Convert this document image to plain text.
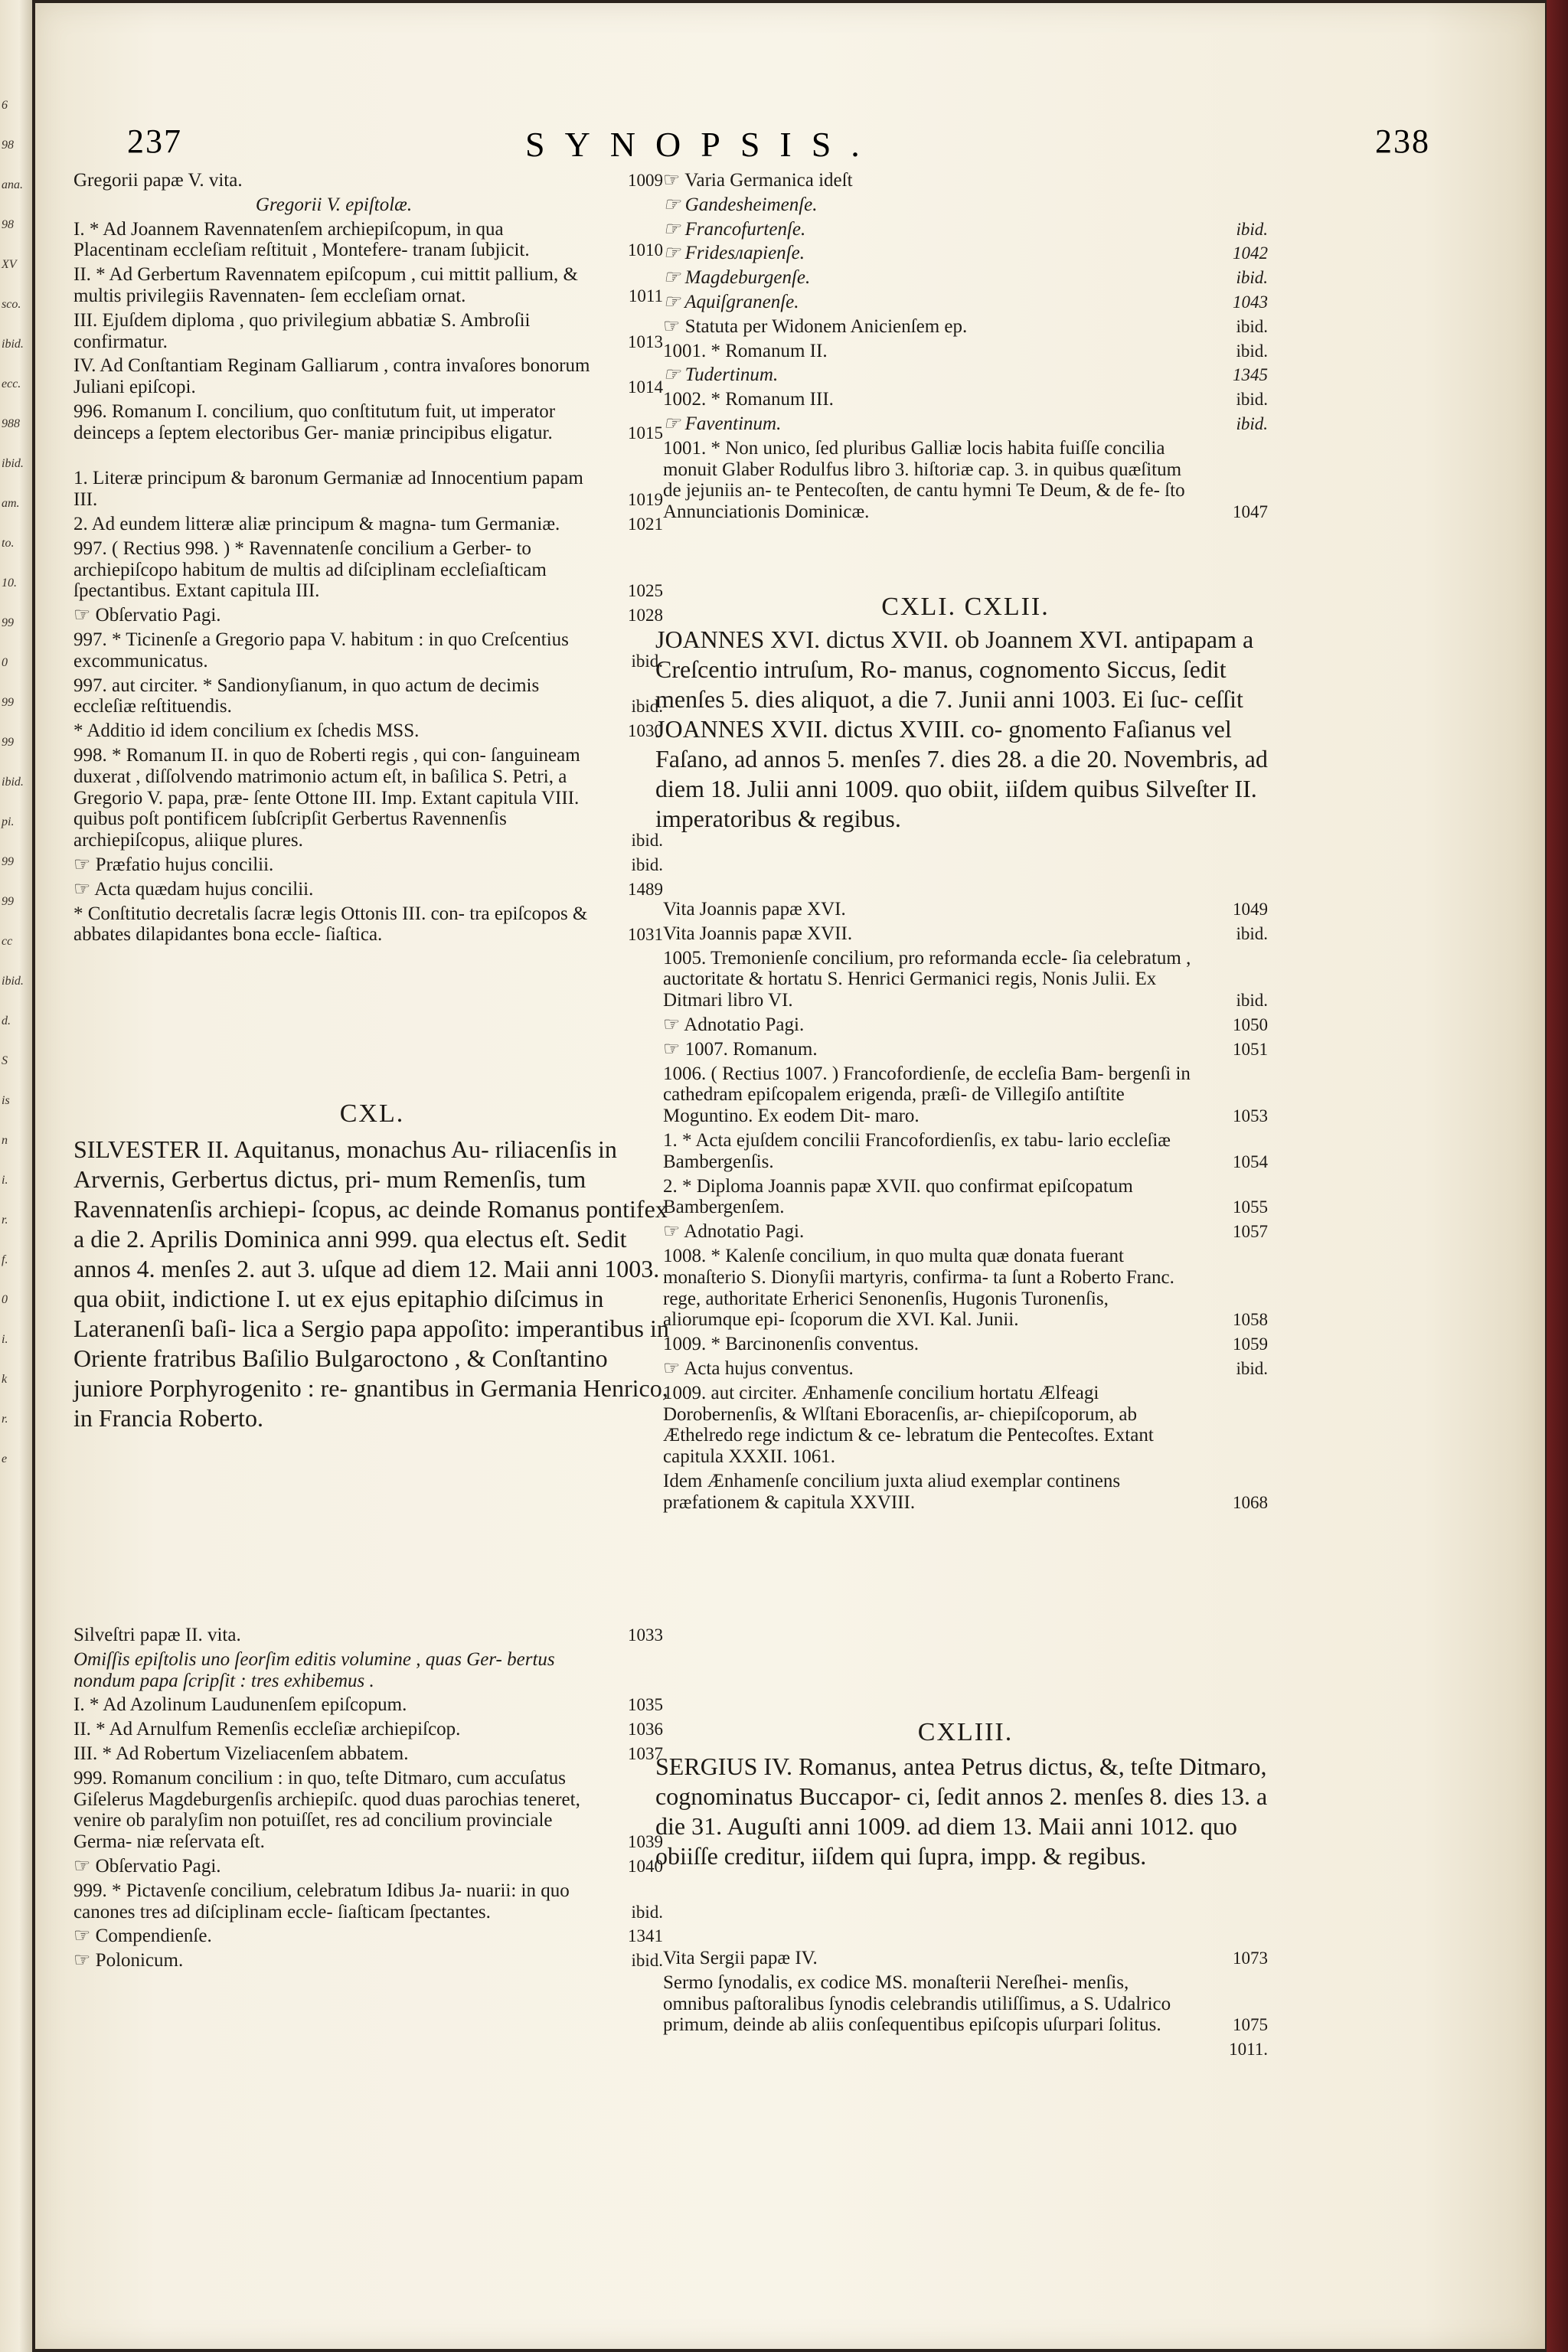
6
98
ana.
98
XV
sco.
ibid.
ecc.
988
ibid.
am.
to.
10.
99
0
99
99
ibid.
pi.
99
99
cc
ibid.
d.
S
is
n
i.
r.
f.
0
i.
k
r.
e
237	SYNOPSIS.	238
Gregorii papæ V. vita.	1009
Gregorii V. epiſtolæ.
I. * Ad Joannem Ravennatenſem archiepiſcopum, in qua Placentinam eccleſiam reſtituit , Montefere- tranam ſubjicit.	1010
II. * Ad Gerbertum Ravennatem epiſcopum , cui mittit pallium, & multis privilegiis Ravennaten- ſem eccleſiam ornat.	1011
III. Ejuſdem diploma , quo privilegium abbatiæ S. Ambroſii confirmatur.	1013
IV. Ad Conſtantiam Reginam Galliarum , contra invaſores bonorum Juliani epiſcopi.	1014
996. Romanum I. concilium, quo conſtitutum fuit, ut imperator deinceps a ſeptem electoribus Ger- maniæ principibus eligatur.	1015
1. Literæ principum & baronum Germaniæ ad Innocentium papam III.	1019
2. Ad eundem litteræ aliæ principum & magna- tum Germaniæ.	1021
997. ( Rectius 998. ) * Ravennatenſe concilium a Gerber- to archiepiſcopo habitum de multis ad diſciplinam eccleſiaſticam ſpectantibus. Extant capitula III.	1025
☞ Obſervatio Pagi.	1028
997. * Ticinenſe a Gregorio papa V. habitum : in quo Creſcentius excommunicatus.	ibid.
997. aut circiter. * Sandionyſianum, in quo actum de decimis eccleſiæ reſtituendis.	ibid.
* Additio id idem concilium ex ſchedis MSS.	1030
998. * Romanum II. in quo de Roberti regis , qui con- ſanguineam duxerat , diſſolvendo matrimonio actum eſt, in baſilica S. Petri, a Gregorio V. papa, præ- ſente Ottone III. Imp. Extant capitula VIII. quibus poſt pontificem ſubſcripſit Gerbertus Ravennenſis archiepiſcopus, aliique plures.	ibid.
☞ Præfatio hujus concilii.	ibid.
☞ Acta quædam hujus concilii.	1489
* Conſtitutio decretalis ſacræ legis Ottonis III. con- tra epiſcopos & abbates dilapidantes bona eccle- ſiaſtica.	1031
CXL.
SILVESTER II. Aquitanus, monachus Au- riliacenſis in Arvernis, Gerbertus dictus, pri- mum Remenſis, tum Ravennatenſis archiepi- ſcopus, ac deinde Romanus pontifex a die 2. Aprilis Dominica anni 999. qua electus eſt. Sedit annos 4. menſes 2. aut 3. uſque ad diem 12. Maii anni 1003. qua obiit, indictione I. ut ex ejus epitaphio diſcimus in Lateranenſi baſi- lica a Sergio papa appoſito: imperantibus in Oriente fratribus Baſilio Bulgaroctono , & Conſtantino juniore Porphyrogenito : re- gnantibus in Germania Henrico, in Francia Roberto.
Silveſtri papæ II. vita.	1033
Omiſſis epiſtolis uno ſeorſim editis volumine , quas Ger- bertus nondum papa ſcripſit : tres exhibemus .
I. * Ad Azolinum Laudunenſem epiſcopum.	1035
II. * Ad Arnulfum Remenſis eccleſiæ archiepiſcop.	1036
III. * Ad Robertum Vizeliacenſem abbatem.	1037
999. Romanum concilium : in quo, teſte Ditmaro, cum accuſatus Giſelerus Magdeburgenſis archiepiſc. quod duas parochias teneret, venire ob paralyſim non potuiſſet, res ad concilium provinciale Germa- niæ reſervata eſt.	1039
☞ Obſervatio Pagi.	1040
999. * Pictavenſe concilium, celebratum Idibus Ja- nuarii: in quo canones tres ad diſciplinam eccle- ſiaſticam ſpectantes.	ibid.
☞ Compendienſe.	1341
☞ Polonicum.	ibid.
☞ Varia Germanica ideſt
☞ Gandesheimenſe.
☞ Francofurtenſe.	ibid.
☞ Fridesларienſe.	1042
☞ Magdeburgenſe.	ibid.
☞ Aquiſgranenſe.	1043
☞ Statuta per Widonem Anicienſem ep.	ibid.
1001. * Romanum II.	ibid.
☞ Tudertinum.	1345
1002. * Romanum III.	ibid.
☞ Faventinum.	ibid.
1001. * Non unico, ſed pluribus Galliæ locis habita fuiſſe concilia monuit Glaber Rodulfus libro 3. hiſtoriæ cap. 3. in quibus quæſitum de jejuniis an- te Pentecoſten, de cantu hymni Te Deum, & de fe- ſto Annunciationis Dominicæ.	1047
CXLI. CXLII.
JOANNES XVI. dictus XVII. ob Joannem XVI. antipapam a Creſcentio intruſum, Ro- manus, cognomento Siccus, ſedit menſes 5. dies aliquot, a die 7. Junii anni 1003. Ei ſuc- ceſſit JOANNES XVII. dictus XVIII. co- gnomento Faſianus vel Faſano, ad annos 5. menſes 7. dies 28. a die 20. Novembris, ad diem 18. Julii anni 1009. quo obiit, iiſdem quibus Silveſter II. imperatoribus & regibus.
Vita Joannis papæ XVI.	1049
Vita Joannis papæ XVII.	ibid.
1005. Tremonienſe concilium, pro reformanda eccle- ſia celebratum , auctoritate & hortatu S. Henrici Germanici regis, Nonis Julii. Ex Ditmari libro VI.	ibid.
☞ Adnotatio Pagi.	1050
☞ 1007. Romanum.	1051
1006. ( Rectius 1007. ) Francofordienſe, de eccleſia Bam- bergenſi in cathedram epiſcopalem erigenda, præſi- de Villegiſo antiſtite Moguntino. Ex eodem Dit- maro.	1053
1. * Acta ejuſdem concilii Francofordienſis, ex tabu- lario eccleſiæ Bambergenſis.	1054
2. * Diploma Joannis papæ XVII. quo confirmat epiſcopatum Bambergenſem.	1055
☞ Adnotatio Pagi.	1057
1008. * Kalenſe concilium, in quo multa quæ donata fuerant monaſterio S. Dionyſii martyris, confirma- ta ſunt a Roberto Franc. rege, authoritate Erherici Senonenſis, Hugonis Turonenſis, aliorumque epi- ſcoporum die XVI. Kal. Junii.	1058
1009. * Barcinonenſis conventus.	1059
☞ Acta hujus conventus.	ibid.
1009. aut circiter. Ænhamenſe concilium hortatu Ælfeagi Dorobernenſis, & Wlſtani Eboracenſis, ar- chiepiſcoporum, ab Æthelredo rege indictum & ce- lebratum die Pentecoſtes. Extant capitula XXXII. 1061.
Idem Ænhamenſe concilium juxta aliud exemplar continens præfationem & capitula XXVIII.	1068
CXLIII.
SERGIUS IV. Romanus, antea Petrus dictus, &, teſte Ditmaro, cognominatus Buccapor- ci, ſedit annos 2. menſes 8. dies 13. a die 31. Auguſti anni 1009. ad diem 13. Maii anni 1012. quo obiiſſe creditur, iiſdem qui ſupra, impp. & regibus.
Vita Sergii papæ IV.	1073
Sermo ſynodalis, ex codice MS. monaſterii Nereſhei- menſis, omnibus paſtoralibus ſynodis celebrandis utiliſſimus, a S. Udalrico primum, deinde ab aliis conſequentibus epiſcopis uſurpari ſolitus.	1075
1011.
